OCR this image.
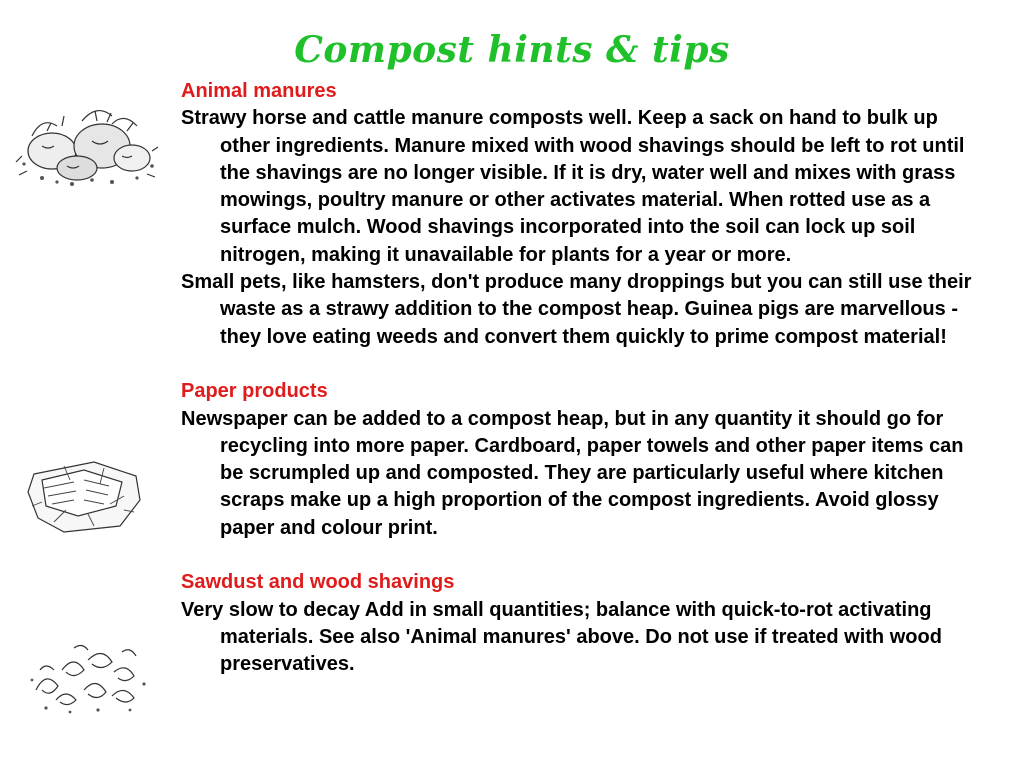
Compost hints & tips

Animal manures

Strawy horse and cattle manure composts well. Keep a sack on hand to bulk up other ingredients. Manure mixed with wood shavings should be left to rot until the shavings are no longer visible. If it is dry, water well and mixes with grass mowings, poultry manure or other activates material. When rotted use as a surface mulch. Wood shavings incorporated into the soil can lock up soil nitrogen, making it unavailable for plants for a year or more.

Small pets, like hamsters, don't produce many droppings but you can still use their waste as a strawy addition to the compost heap. Guinea pigs are marvellous - they love eating weeds and convert them quickly to prime compost material!

Paper products

Newspaper can be added to a compost heap, but in any quantity it should go for recycling into more paper. Cardboard, paper towels and other paper items can be scrumpled up and composted. They are particularly useful where kitchen scraps make up a high proportion of the compost ingredients. Avoid glossy paper and colour print.

Sawdust and wood shavings

Very slow to decay Add in small quantities; balance with quick-to-rot activating materials. See also 'Animal manures' above. Do not use if treated with wood preservatives.
